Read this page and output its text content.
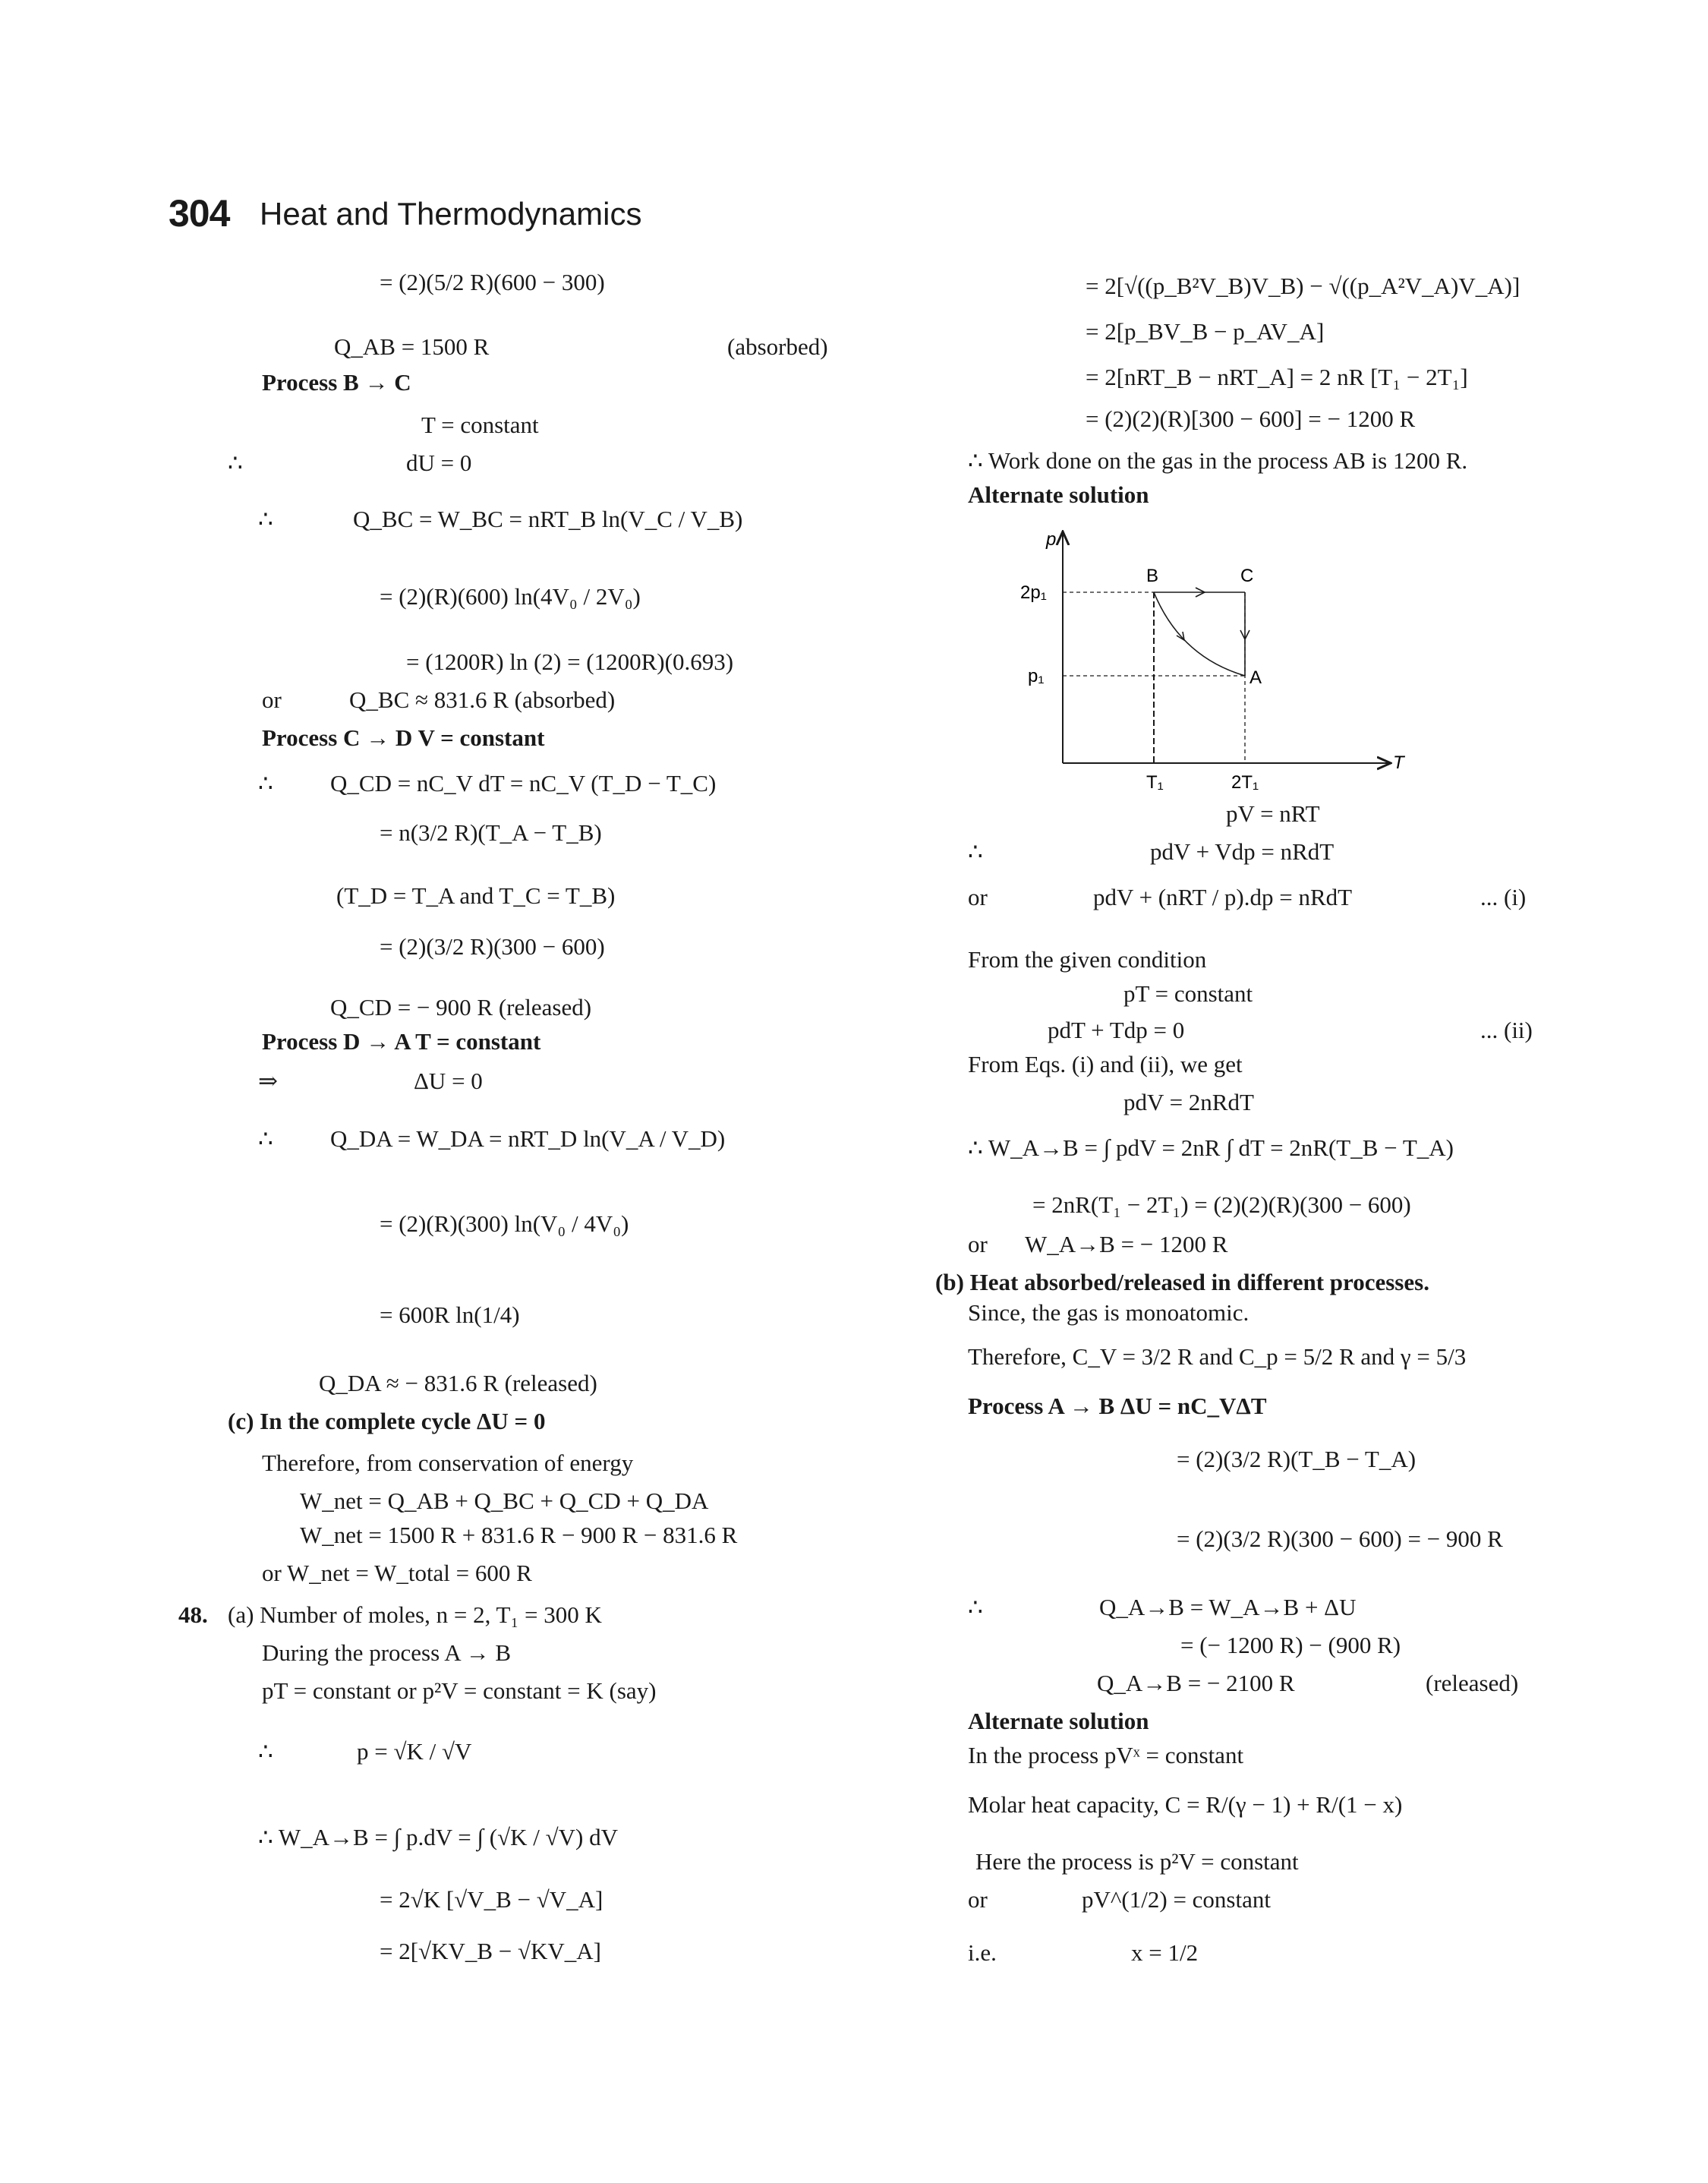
304 Heat and Thermodynamics
= (2)(5/2 R)(600 − 300)
Q_AB = 1500 R	(absorbed)
Process B → C
T = constant
∴	dU = 0
∴	Q_BC = W_BC = nRT_B ln(V_C / V_B)
= (2)(R)(600) ln(4V₀ / 2V₀)
= (1200R) ln (2) = (1200R)(0.693)
or	Q_BC ≈ 831.6 R (absorbed)
Process C → D V = constant
∴ Q_CD = nC_V dT = nC_V (T_D − T_C)
= n(3/2 R)(T_A − T_B)
(T_D = T_A and T_C = T_B)
= (2)(3/2 R)(300 − 600)
Q_CD = − 900 R (released)
Process D → A T = constant
⇒	ΔU = 0
∴ Q_DA = W_DA = nRT_D ln(V_A / V_D)
= (2)(R)(300) ln(V₀ / 4V₀)
= 600R ln(1/4)
Q_DA ≈ − 831.6 R (released)
(c) In the complete cycle ΔU = 0
Therefore, from conservation of energy
W_net = Q_AB + Q_BC + Q_CD + Q_DA
W_net = 1500 R + 831.6 R − 900 R − 831.6 R
or W_net = W_total = 600 R
48. (a) Number of moles, n = 2, T₁ = 300 K
During the process A → B
pT = constant or p²V = constant = K (say)
∴	p = √K / √V
∴ W_A→B = ∫ p.dV = ∫ (√K / √V) dV
= 2√K [√V_B − √V_A]
= 2[√KV_B − √KV_A]
= 2[√((p_B²V_B)V_B) − √((p_A²V_A)V_A)]
= 2[p_BV_B − p_AV_A]
= 2[nRT_B − nRT_A] = 2 nR [T₁ − 2T₁]
= (2)(2)(R)[300 − 600] = − 1200 R
∴ Work done on the gas in the process AB is 1200 R.
Alternate solution
pV = nRT
∴	pdV + Vdp = nRdT
or	pdV + (nRT / p).dp = nRdT	... (i)
From the given condition
pT = constant
pdT + Tdp = 0	... (ii)
From Eqs. (i) and (ii), we get
pdV = 2nRdT
∴ W_A→B = ∫ pdV = 2nR ∫ dT = 2nR(T_B − T_A)
= 2nR(T₁ − 2T₁) = (2)(2)(R)(300 − 600)
or W_A→B = − 1200 R
(b) Heat absorbed/released in different processes.
Since, the gas is monoatomic.
Therefore, C_V = 3/2 R and C_p = 5/2 R and γ = 5/3
Process A → B ΔU = nC_VΔT
= (2)(3/2 R)(T_B − T_A)
= (2)(3/2 R)(300 − 600) = − 900 R
∴	Q_A→B = W_A→B + ΔU
= (− 1200 R) − (900 R)
Q_A→B = − 2100 R	(released)
Alternate solution
In the process pVˣ = constant
Molar heat capacity, C = R/(γ − 1) + R/(1 − x)
Here the process is p²V = constant
or	pV^(1/2) = constant
i.e.	x = 1/2
p
T
2p₁
p₁
T₁	2T₁
B	C
A
